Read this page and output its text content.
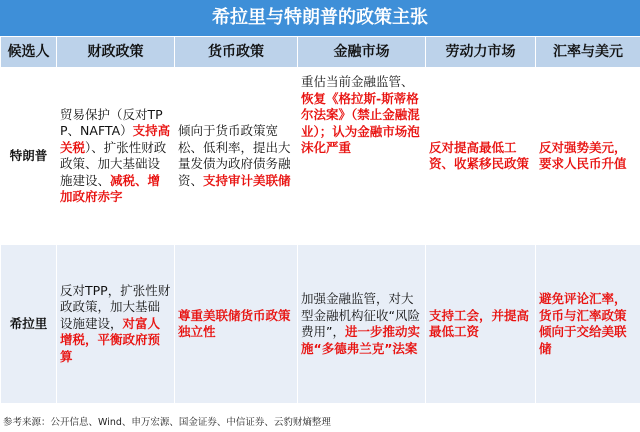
希拉里与特朗普的政策主张
候选人	财政政策	货币政策	金融市场	劳动力市场	汇率与美元
特朗普	贸易保护（反对TPP、NAFTA）支持高关税）、扩张性财政政策、加大基础设施建设、减税、增加政府赤字	倾向于货币政策宽松、低利率，提出大量发债为政府债务融资、支持审计美联储	重估当前金融监管、恢复《格拉斯-斯蒂格尔法案》（禁止金融混业）；认为金融市场泡沫化严重	反对提高最低工资、收紧移民政策	反对强势美元，要求人民币升值
希拉里	反对TPP，扩张性财政政策，加大基础设施建设，对富人增税，平衡政府预算	尊重美联储货币政策独立性	加强金融监管，对大型金融机构征收“风险费用”，进一步推动实施“多德弗兰克”法案	支持工会，并提高最低工资	避免评论汇率，货币与汇率政策倾向于交给美联储
参考来源：公开信息、Wind、申万宏源、国金证券、中信证券、云豹财熵整理
